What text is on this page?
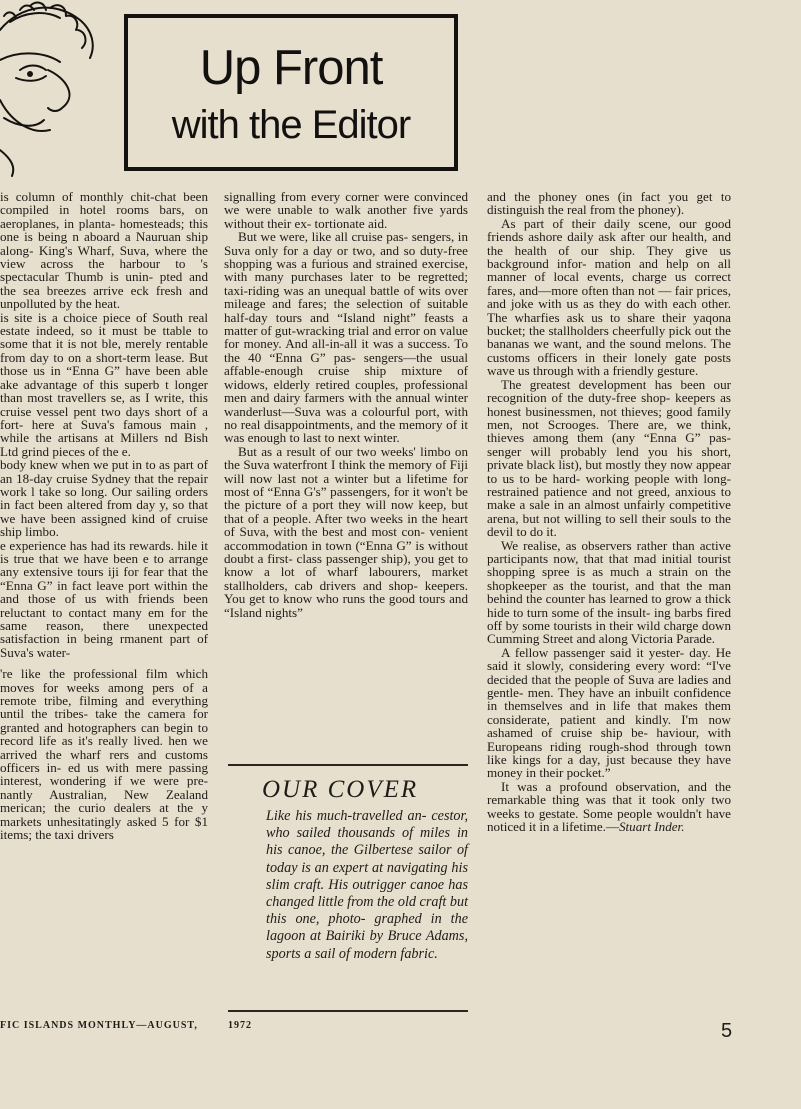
Up Front
with the Editor

is column of monthly chit-chat been compiled in hotel rooms bars, on aeroplanes, in planta- homesteads; this one is being n aboard a Nauruan ship along- King's Wharf, Suva, where the view across the harbour to 's spectacular Thumb is unin- pted and the sea breezes arrive eck fresh and unpolluted by the heat.

is site is a choice piece of South real estate indeed, so it must be ttable to some that it is not ble, merely rentable from day to on a short-term lease. But those us in “Enna G” have been able ake advantage of this superb t longer than most travellers se, as I write, this cruise vessel pent two days short of a fort- here at Suva's famous main , while the artisans at Millers nd Bish Ltd grind pieces of the e.

body knew when we put in to as part of an 18-day cruise Sydney that the repair work l take so long. Our sailing orders in fact been altered from day y, so that we have been assigned kind of cruise ship limbo.

e experience has had its rewards. hile it is true that we have been e to arrange any extensive tours iji for fear that the “Enna G” in fact leave port within the and those of us with friends been reluctant to contact many em for the same reason, there unexpected satisfaction in being rmanent part of Suva's water-

're like the professional film which moves for weeks among pers of a remote tribe, filming and everything until the tribes- take the camera for granted and hotographers can begin to record life as it's really lived. hen we arrived the wharf rers and customs officers in- ed us with mere passing interest, wondering if we were pre- nantly Australian, New Zealand merican; the curio dealers at the y markets unhesitatingly asked 5 for $1 items; the taxi drivers

signalling from every corner were convinced we were unable to walk another five yards without their ex- tortionate aid.

But we were, like all cruise pas- sengers, in Suva only for a day or two, and so duty-free shopping was a furious and strained exercise, with many purchases later to be regretted; taxi-riding was an unequal battle of wits over mileage and fares; the selection of suitable half-day tours and “Island night” feasts a matter of gut-wracking trial and error on value for money. And all-in-all it was a success. To the 40 “Enna G” pas- sengers—the usual affable-enough cruise ship mixture of widows, elderly retired couples, professional men and dairy farmers with the annual winter wanderlust—Suva was a colourful port, with no real disappointments, and the memory of it was enough to last to next winter.

But as a result of our two weeks' limbo on the Suva waterfront I think the memory of Fiji will now last not a winter but a lifetime for most of “Enna G's” passengers, for it won't be the picture of a port they will now keep, but that of a people. After two weeks in the heart of Suva, with the best and most con- venient accommodation in town (“Enna G” is without doubt a first- class passenger ship), you get to know a lot of wharf labourers, market stallholders, cab drivers and shop- keepers. You get to know who runs the good tours and “Island nights”

OUR COVER

Like his much-travelled an- cestor, who sailed thousands of miles in his canoe, the Gilbertese sailor of today is an expert at navigating his slim craft. His outrigger canoe has changed little from the old craft but this one, photo- graphed in the lagoon at Bairiki by Bruce Adams, sports a sail of modern fabric.

and the phoney ones (in fact you get to distinguish the real from the phoney).

As part of their daily scene, our good friends ashore daily ask after our health, and the health of our ship. They give us background infor- mation and help on all manner of local events, charge us correct fares, and—more often than not — fair prices, and joke with us as they do with each other. The wharfies ask us to share their yaqona bucket; the stallholders cheerfully pick out the bananas we want, and the sound melons. The customs officers in their lonely gate posts wave us through with a friendly gesture.

The greatest development has been our recognition of the duty-free shop- keepers as honest businessmen, not thieves; good family men, not Scrooges. There are, we think, thieves among them (any “Enna G” pas- senger will probably lend you his short, private black list), but mostly they now appear to us to be hard- working people with long-restrained patience and not greed, anxious to make a sale in an almost unfairly competitive arena, but not willing to sell their souls to the devil to do it.

We realise, as observers rather than active participants now, that that mad initial tourist shopping spree is as much a strain on the shopkeeper as the tourist, and that the man behind the counter has learned to grow a thick hide to turn some of the insult- ing barbs fired off by some tourists in their wild charge down Cumming Street and along Victoria Parade.

A fellow passenger said it yester- day. He said it slowly, considering every word: “I've decided that the people of Suva are ladies and gentle- men. They have an inbuilt confidence in themselves and in life that makes them considerate, patient and kindly. I'm now ashamed of cruise ship be- haviour, with Europeans riding rough-shod through town like kings for a day, just because they have money in their pocket.”

It was a profound observation, and the remarkable thing was that it took only two weeks to gestate. Some people wouldn't have noticed it in a lifetime.—Stuart Inder.

FIC ISLANDS MONTHLY—AUGUST,	1972	5
